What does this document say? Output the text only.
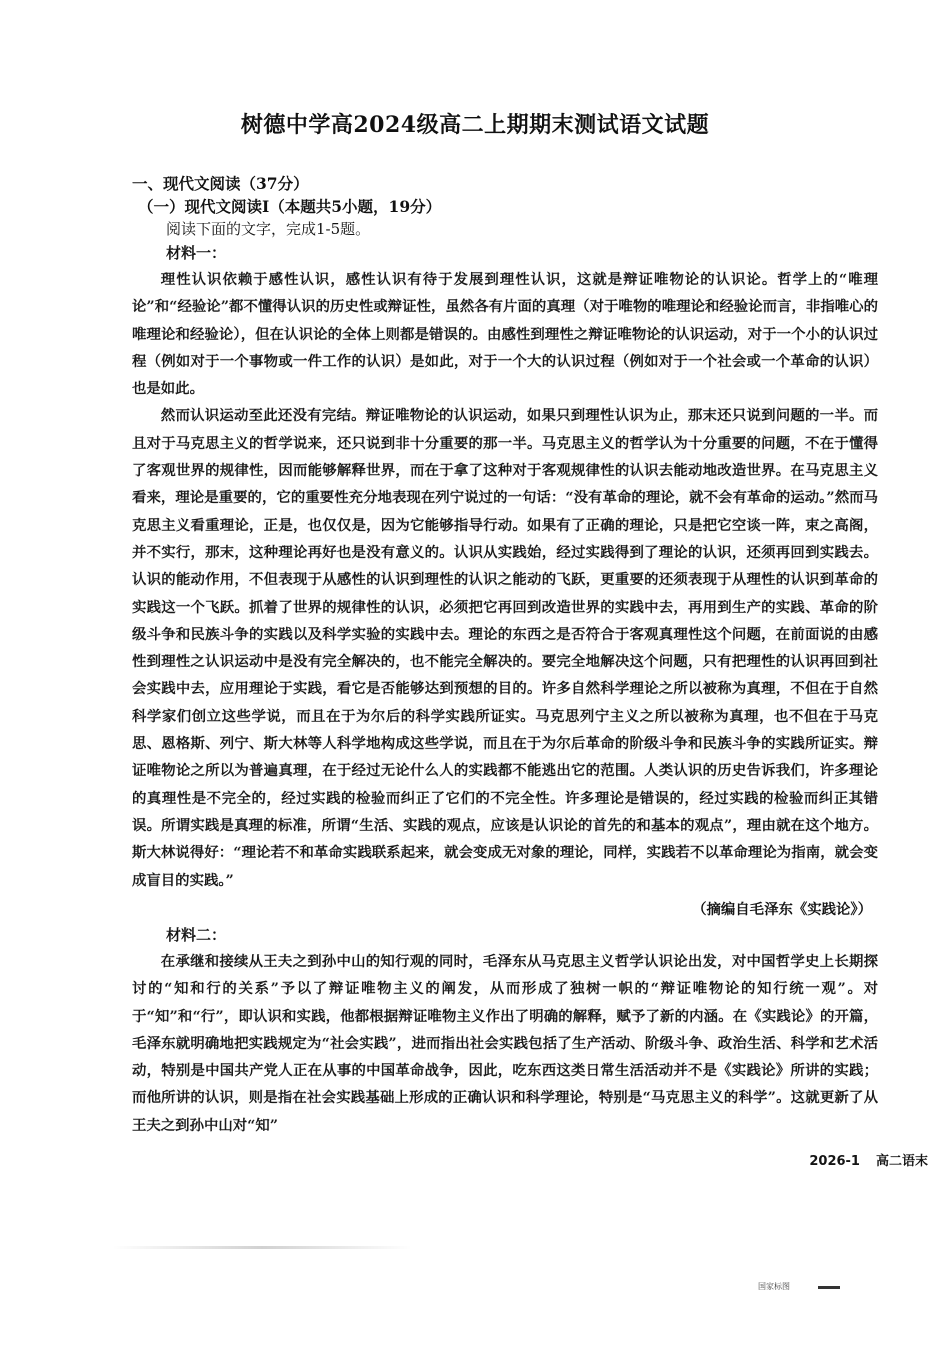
树德中学高2024级高二上期期末测试语文试题
一、现代文阅读（37分）
（一）现代文阅读Ⅰ（本题共5小题，19分）
阅读下面的文字，完成1-5题。
材料一：

理性认识依赖于感性认识，感性认识有待于发展到理性认识，这就是辩证唯物论的认识论。哲学上的“唯理论”和“经验论”都不懂得认识的历史性或辩证性，虽然各有片面的真理（对于唯物的唯理论和经验论而言，非指唯心的唯理论和经验论），但在认识论的全体上则都是错误的。由感性到理性之辩证唯物论的认识运动，对于一个小的认识过程（例如对于一个事物或一件工作的认识）是如此，对于一个大的认识过程（例如对于一个社会或一个革命的认识）也是如此。

然而认识运动至此还没有完结。辩证唯物论的认识运动，如果只到理性认识为止，那末还只说到问题的一半。而且对于马克思主义的哲学说来，还只说到非十分重要的那一半。马克思主义的哲学认为十分重要的问题，不在于懂得了客观世界的规律性，因而能够解释世界，而在于拿了这种对于客观规律性的认识去能动地改造世界。在马克思主义看来，理论是重要的，它的重要性充分地表现在列宁说过的一句话：“没有革命的理论，就不会有革命的运动。”然而马克思主义看重理论，正是，也仅仅是，因为它能够指导行动。如果有了正确的理论，只是把它空谈一阵，束之高阁，并不实行，那末，这种理论再好也是没有意义的。认识从实践始，经过实践得到了理论的认识，还须再回到实践去。认识的能动作用，不但表现于从感性的认识到理性的认识之能动的飞跃，更重要的还须表现于从理性的认识到革命的实践这一个飞跃。抓着了世界的规律性的认识，必须把它再回到改造世界的实践中去，再用到生产的实践、革命的阶级斗争和民族斗争的实践以及科学实验的实践中去。理论的东西之是否符合于客观真理性这个问题，在前面说的由感性到理性之认识运动中是没有完全解决的，也不能完全解决的。要完全地解决这个问题，只有把理性的认识再回到社会实践中去，应用理论于实践，看它是否能够达到预想的目的。许多自然科学理论之所以被称为真理，不但在于自然科学家们创立这些学说，而且在于为尔后的科学实践所证实。马克思列宁主义之所以被称为真理，也不但在于马克思、恩格斯、列宁、斯大林等人科学地构成这些学说，而且在于为尔后革命的阶级斗争和民族斗争的实践所证实。辩证唯物论之所以为普遍真理，在于经过无论什么人的实践都不能逃出它的范围。人类认识的历史告诉我们，许多理论的真理性是不完全的，经过实践的检验而纠正了它们的不完全性。许多理论是错误的，经过实践的检验而纠正其错误。所谓实践是真理的标准，所谓“生活、实践的观点，应该是认识论的首先的和基本的观点”，理由就在这个地方。斯大林说得好：“理论若不和革命实践联系起来，就会变成无对象的理论，同样，实践若不以革命理论为指南，就会变成盲目的实践。”

（摘编自毛泽东《实践论》）
材料二：

在承继和接续从王夫之到孙中山的知行观的同时，毛泽东从马克思主义哲学认识论出发，对中国哲学史上长期探讨的“知和行的关系”予以了辩证唯物主义的阐发，从而形成了独树一帜的“辩证唯物论的知行统一观”。对于“知”和“行”，即认识和实践，他都根据辩证唯物主义作出了明确的解释，赋予了新的内涵。在《实践论》的开篇，毛泽东就明确地把实践规定为“社会实践”，进而指出社会实践包括了生产活动、阶级斗争、政治生活、科学和艺术活动，特别是中国共产党人正在从事的中国革命战争，因此，吃东西这类日常生活活动并不是《实践论》所讲的实践；而他所讲的认识，则是指在社会实践基础上形成的正确认识和科学理论，特别是“马克思主义的科学”。这就更新了从王夫之到孙中山对“知”

2026-1 高二语末
国家标图
